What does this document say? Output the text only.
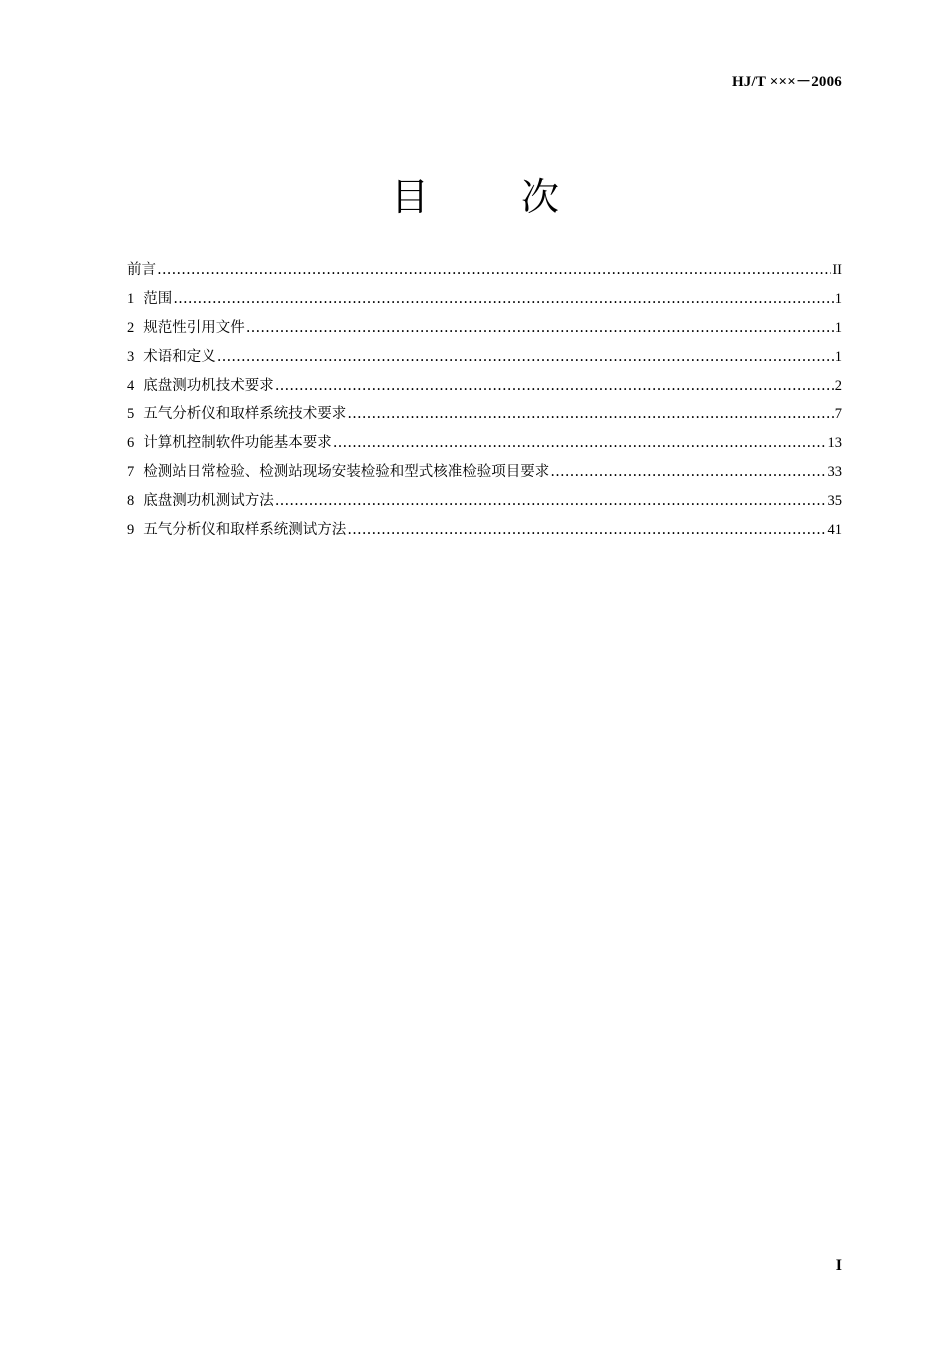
HJ/T ×××－2006
目 次
前言 ……………………………………………………………………………………………………………………………………………………………………………………………………………………	II
1 范围 ……………………………………………………………………………………………………………………………………………………………………………………………………………………	1
2 规范性引用文件 ……………………………………………………………………………………………………………………………………………………………………………………………………………………	1
3 术语和定义 ……………………………………………………………………………………………………………………………………………………………………………………………………………………	1
4 底盘测功机技术要求 ……………………………………………………………………………………………………………………………………………………………………………………………………………………	2
5 五气分析仪和取样系统技术要求 ……………………………………………………………………………………………………………………………………………………………………………………………………………………	7
6 计算机控制软件功能基本要求 ……………………………………………………………………………………………………………………………………………………………………………………………………………………	13
7 检测站日常检验、检测站现场安装检验和型式核准检验项目要求 ……………………………………………………………………………………………………………………………………………………………………………………………………………………	33
8 底盘测功机测试方法 ……………………………………………………………………………………………………………………………………………………………………………………………………………………	35
9 五气分析仪和取样系统测试方法 ……………………………………………………………………………………………………………………………………………………………………………………………………………………	41
I
